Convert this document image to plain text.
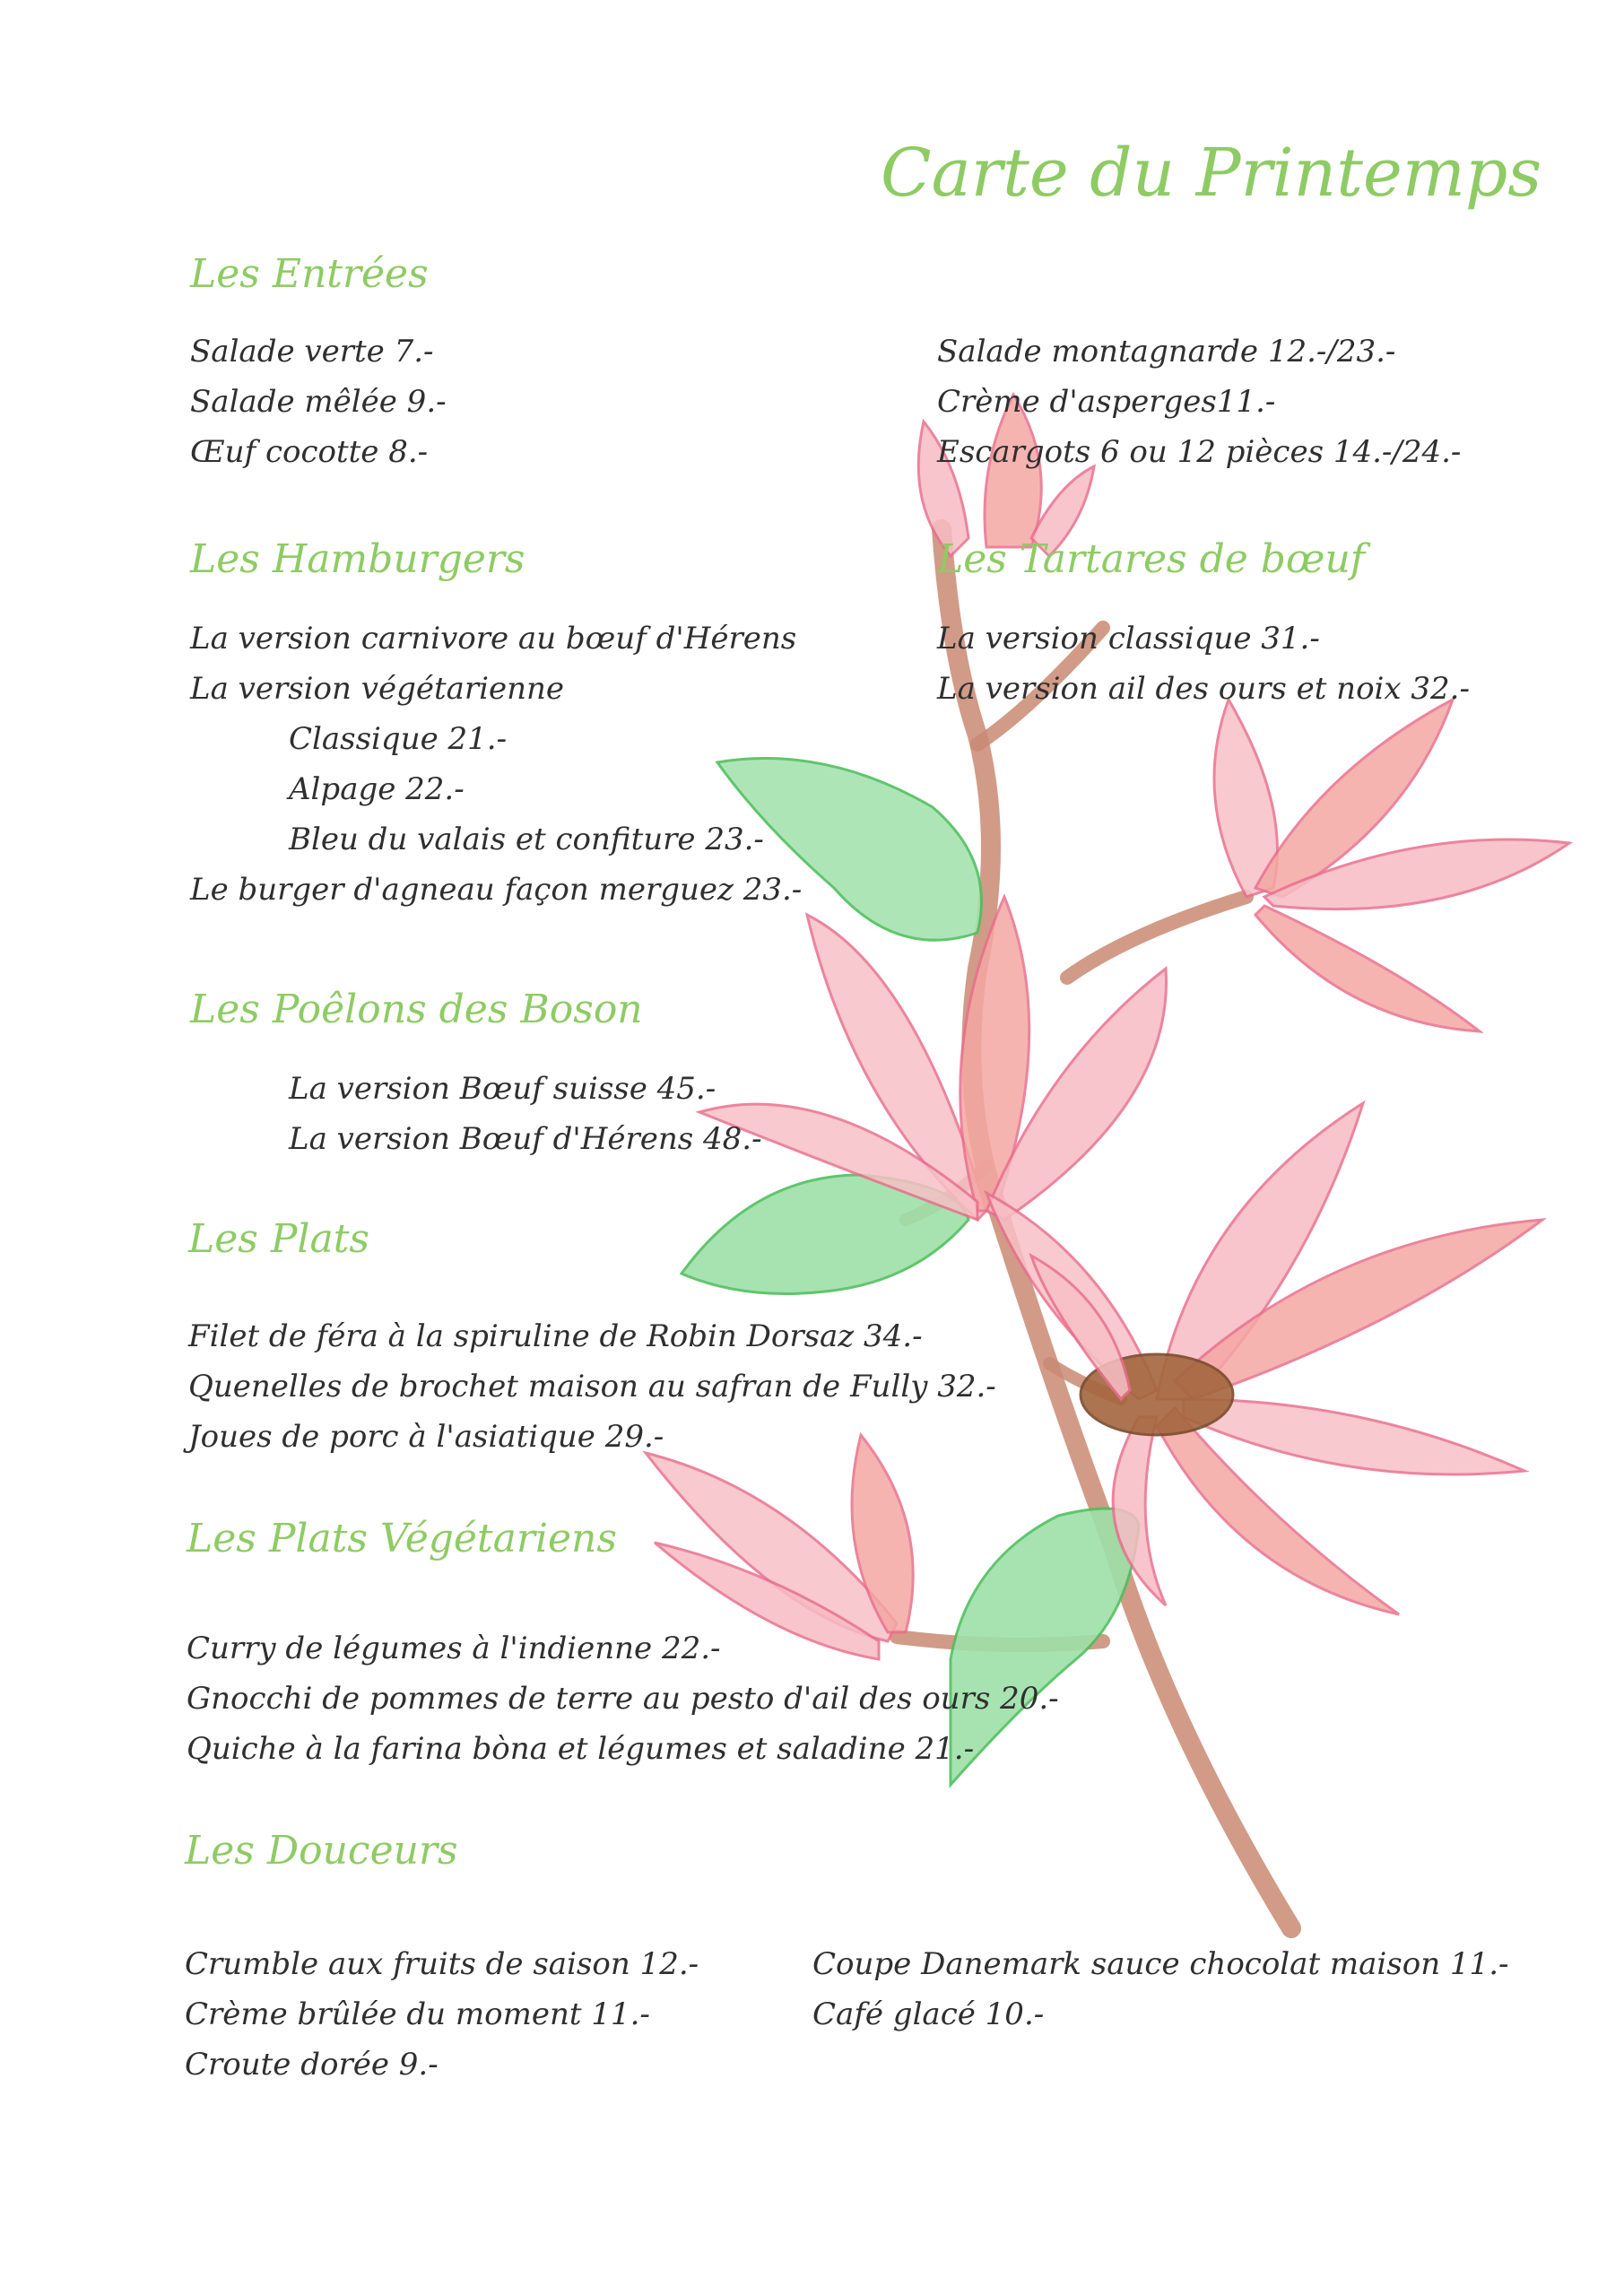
Carte du Printemps
Les Entrées
Salade verte 7.-
Salade mêlée 9.-
Œuf cocotte 8.-
Salade montagnarde 12.-/23.-
Crème d'asperges11.-
Escargots 6 ou 12 pièces 14.-/24.-
Les Hamburgers
La version carnivore au bœuf d'Hérens
La version végétarienne
Classique 21.-
Alpage 22.-
Bleu du valais et confiture 23.-
Le burger d'agneau façon merguez 23.-
Les Tartares de bœuf
La version classique 31.-
La version ail des ours et noix 32.-
Les Poêlons des Boson
La version Bœuf suisse 45.-
La version Bœuf d'Hérens 48.-
Les Plats
Filet de féra à la spiruline de Robin Dorsaz 34.-
Quenelles de brochet maison au safran de Fully 32.-
Joues de porc à l'asiatique 29.-
Les Plats Végétariens
Curry de légumes à l'indienne 22.-
Gnocchi de pommes de terre au pesto d'ail des ours 20.-
Quiche à la farina bòna et légumes et saladine 21.-
Les Douceurs
Crumble aux fruits de saison 12.-
Crème brûlée du moment 11.-
Croute dorée 9.-
Coupe Danemark sauce chocolat maison 11.-
Café glacé 10.-
